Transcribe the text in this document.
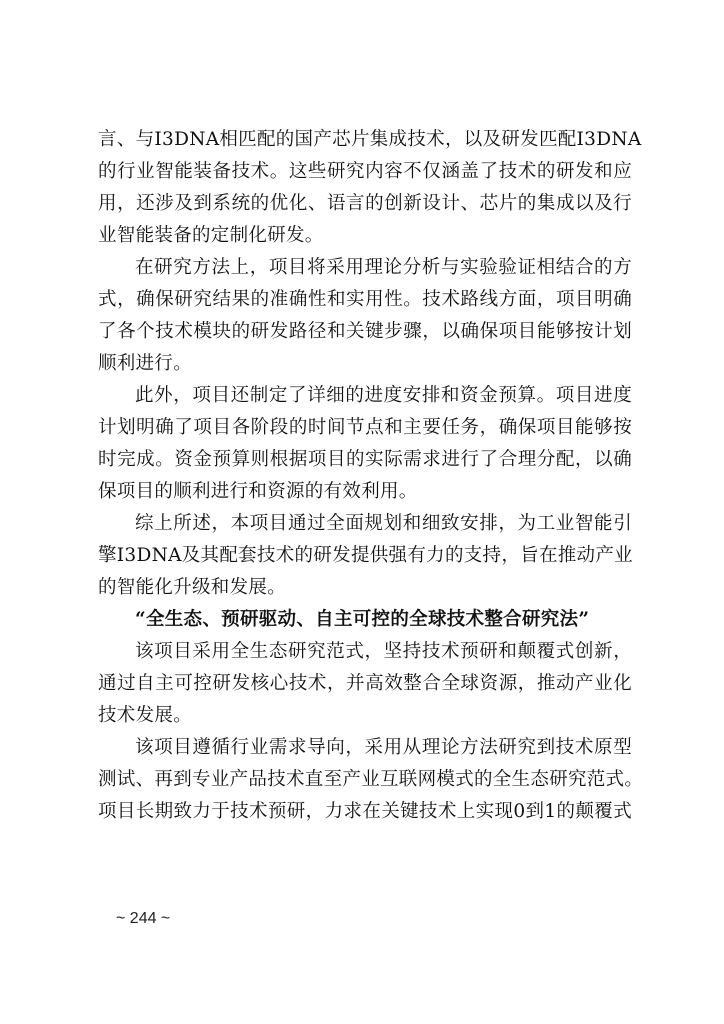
言、与I3DNA相匹配的国产芯片集成技术，以及研发匹配I3DNA
的行业智能装备技术。这些研究内容不仅涵盖了技术的研发和应
用，还涉及到系统的优化、语言的创新设计、芯片的集成以及行
业智能装备的定制化研发。
在研究方法上，项目将采用理论分析与实验验证相结合的方
式，确保研究结果的准确性和实用性。技术路线方面，项目明确
了各个技术模块的研发路径和关键步骤，以确保项目能够按计划
顺利进行。
此外，项目还制定了详细的进度安排和资金预算。项目进度
计划明确了项目各阶段的时间节点和主要任务，确保项目能够按
时完成。资金预算则根据项目的实际需求进行了合理分配，以确
保项目的顺利进行和资源的有效利用。
综上所述，本项目通过全面规划和细致安排，为工业智能引
擎I3DNA及其配套技术的研发提供强有力的支持，旨在推动产业
的智能化升级和发展。
“全生态、预研驱动、自主可控的全球技术整合研究法”
该项目采用全生态研究范式，坚持技术预研和颠覆式创新，
通过自主可控研发核心技术，并高效整合全球资源，推动产业化
技术发展。
该项目遵循行业需求导向，采用从理论方法研究到技术原型
测试、再到专业产品技术直至产业互联网模式的全生态研究范式。
项目长期致力于技术预研，力求在关键技术上实现0到1的颠覆式
~ 244 ~
